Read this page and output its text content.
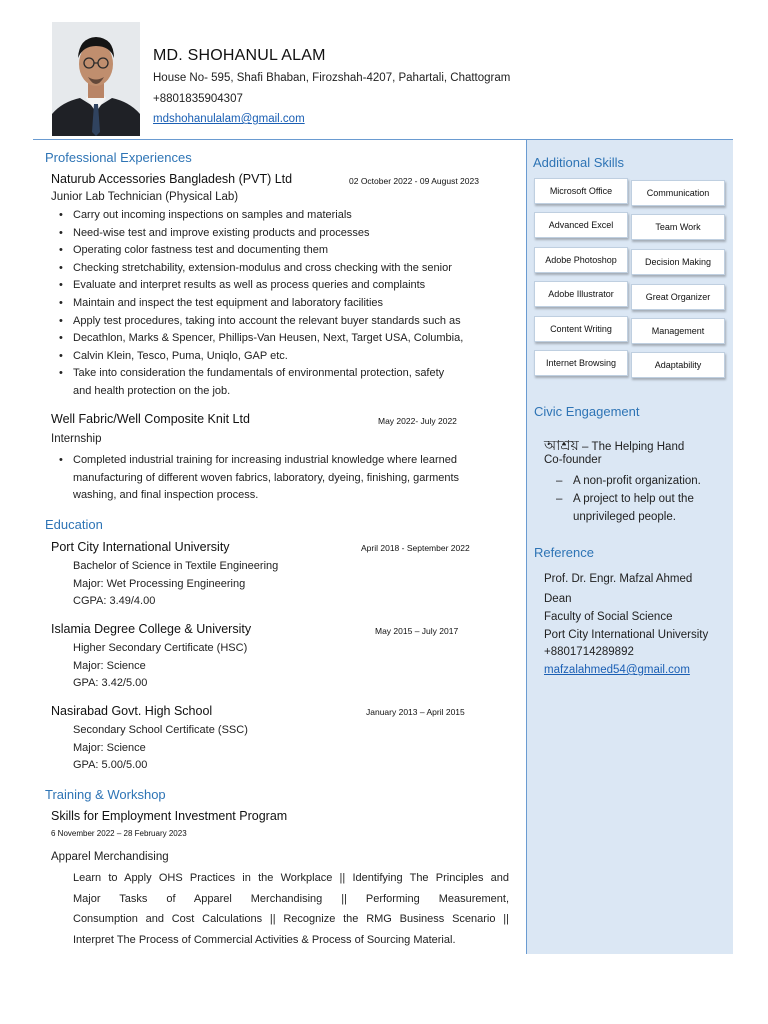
MD. SHOHANUL ALAM
House No- 595, Shafi Bhaban, Firozshah-4207, Pahartali, Chattogram
+8801835904307
mdshohanulalam@gmail.com
Professional Experiences
Naturub Accessories Bangladesh (PVT) Ltd	02 October 2022 - 09 August 2023
Junior Lab Technician (Physical Lab)
• Carry out incoming inspections on samples and materials
• Need-wise test and improve existing products and processes
• Operating color fastness test and documenting them
• Checking stretchability, extension-modulus and cross checking with the senior
• Evaluate and interpret results as well as process queries and complaints
• Maintain and inspect the test equipment and laboratory facilities
• Apply test procedures, taking into account the relevant buyer standards such as
• Decathlon, Marks & Spencer, Phillips-Van Heusen, Next, Target USA, Columbia,
• Calvin Klein, Tesco, Puma, Uniqlo, GAP etc.
• Take into consideration the fundamentals of environmental protection, safety
and health protection on the job.
Well Fabric/Well Composite Knit Ltd	May 2022- July 2022
Internship
• Completed industrial training for increasing industrial knowledge where learned
manufacturing of different woven fabrics, laboratory, dyeing, finishing, garments
washing, and final inspection process.
Education
Port City International University	April 2018 - September 2022
Bachelor of Science in Textile Engineering
Major: Wet Processing Engineering
CGPA: 3.49/4.00
Islamia Degree College & University	May 2015 – July 2017
Higher Secondary Certificate (HSC)
Major: Science
GPA: 3.42/5.00
Nasirabad Govt. High School	January 2013 – April 2015
Secondary School Certificate (SSC)
Major: Science
GPA: 5.00/5.00
Training & Workshop
Skills for Employment Investment Program
6 November 2022 – 28 February 2023
Apparel Merchandising
Learn to Apply OHS Practices in the Workplace || Identifying The Principles and
Major Tasks of Apparel Merchandising || Performing Measurement,
Consumption and Cost Calculations || Recognize the RMG Business Scenario ||
Interpret The Process of Commercial Activities & Process of Sourcing Material.
Additional Skills
Microsoft Office	Communication
Advanced Excel	Team Work
Adobe Photoshop	Decision Making
Adobe Illustrator	Great Organizer
Content Writing	Management
Internet Browsing	Adaptability
Civic Engagement
আশ্রয় – The Helping Hand
Co-founder
– A non-profit organization.
– A project to help out the
unprivileged people.
Reference
Prof. Dr. Engr. Mafzal Ahmed
Dean
Faculty of Social Science
Port City International University
+8801714289892
mafzalahmed54@gmail.com
